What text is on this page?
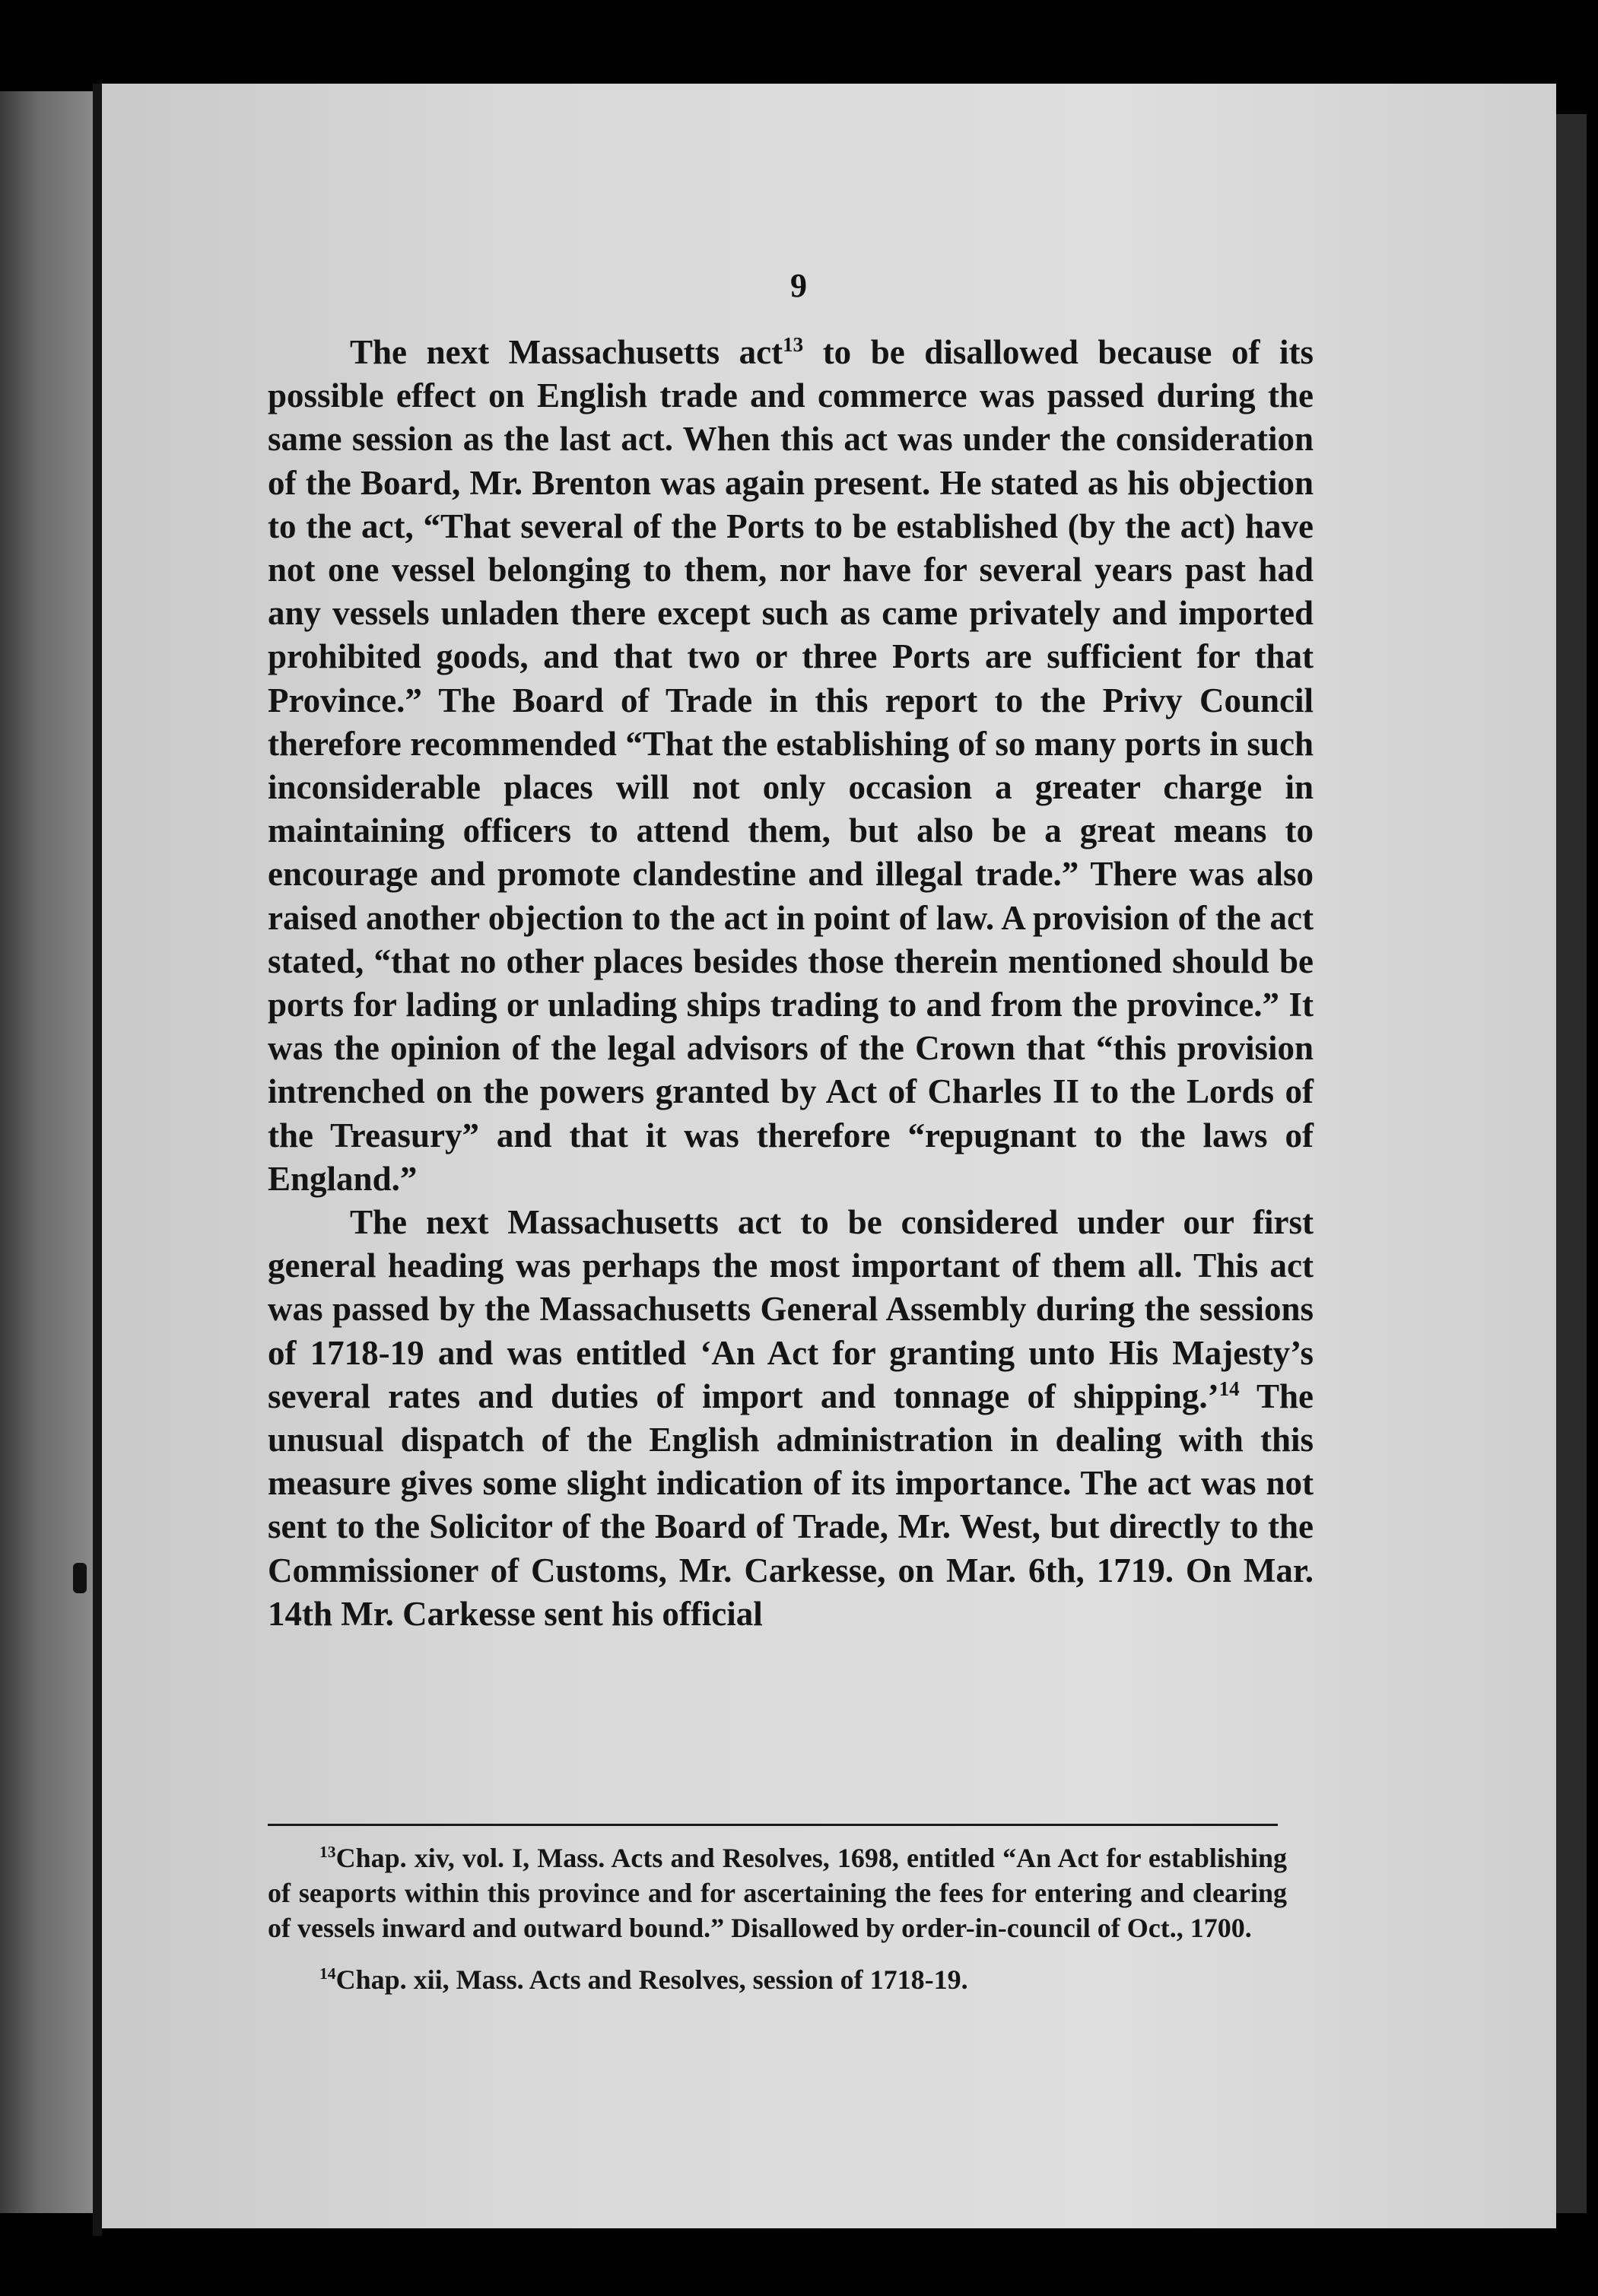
9

The next Massachusetts act$^{13}$ to be disallowed because of its possible effect on English trade and commerce was passed during the same session as the last act. When this act was under the consideration of the Board, Mr. Brenton was again present. He stated as his objection to the act, “That several of the Ports to be established (by the act) have not one vessel belonging to them, nor have for several years past had any vessels unladen there except such as came privately and imported prohibited goods, and that two or three Ports are sufficient for that Province.” The Board of Trade in this report to the Privy Council therefore recommended “That the establishing of so many ports in such inconsiderable places will not only occasion a greater charge in maintaining officers to attend them, but also be a great means to encourage and promote clandestine and illegal trade.” There was also raised another objection to the act in point of law. A provision of the act stated, “that no other places besides those therein mentioned should be ports for lading or unlading ships trading to and from the province.” It was the opinion of the legal advisors of the Crown that “this provision intrenched on the powers granted by Act of Charles II to the Lords of the Treasury” and that it was therefore “repugnant to the laws of England.”

The next Massachusetts act to be considered under our first general heading was perhaps the most important of them all. This act was passed by the Massachusetts General Assembly during the sessions of 1718-19 and was entitled ‘An Act for granting unto His Majesty’s several rates and duties of import and tonnage of shipping.’$^{14}$ The unusual dispatch of the English administration in dealing with this measure gives some slight indication of its importance. The act was not sent to the Solicitor of the Board of Trade, Mr. West, but directly to the Commissioner of Customs, Mr. Carkesse, on Mar. 6th, 1719. On Mar. 14th Mr. Carkesse sent his official

$^{13}$Chap. xiv, vol. I, Mass. Acts and Resolves, 1698, entitled “An Act for establishing of seaports within this province and for ascertaining the fees for entering and clearing of vessels inward and outward bound.” Disallowed by order-in-council of Oct., 1700.

$^{14}$Chap. xii, Mass. Acts and Resolves, session of 1718-19.
